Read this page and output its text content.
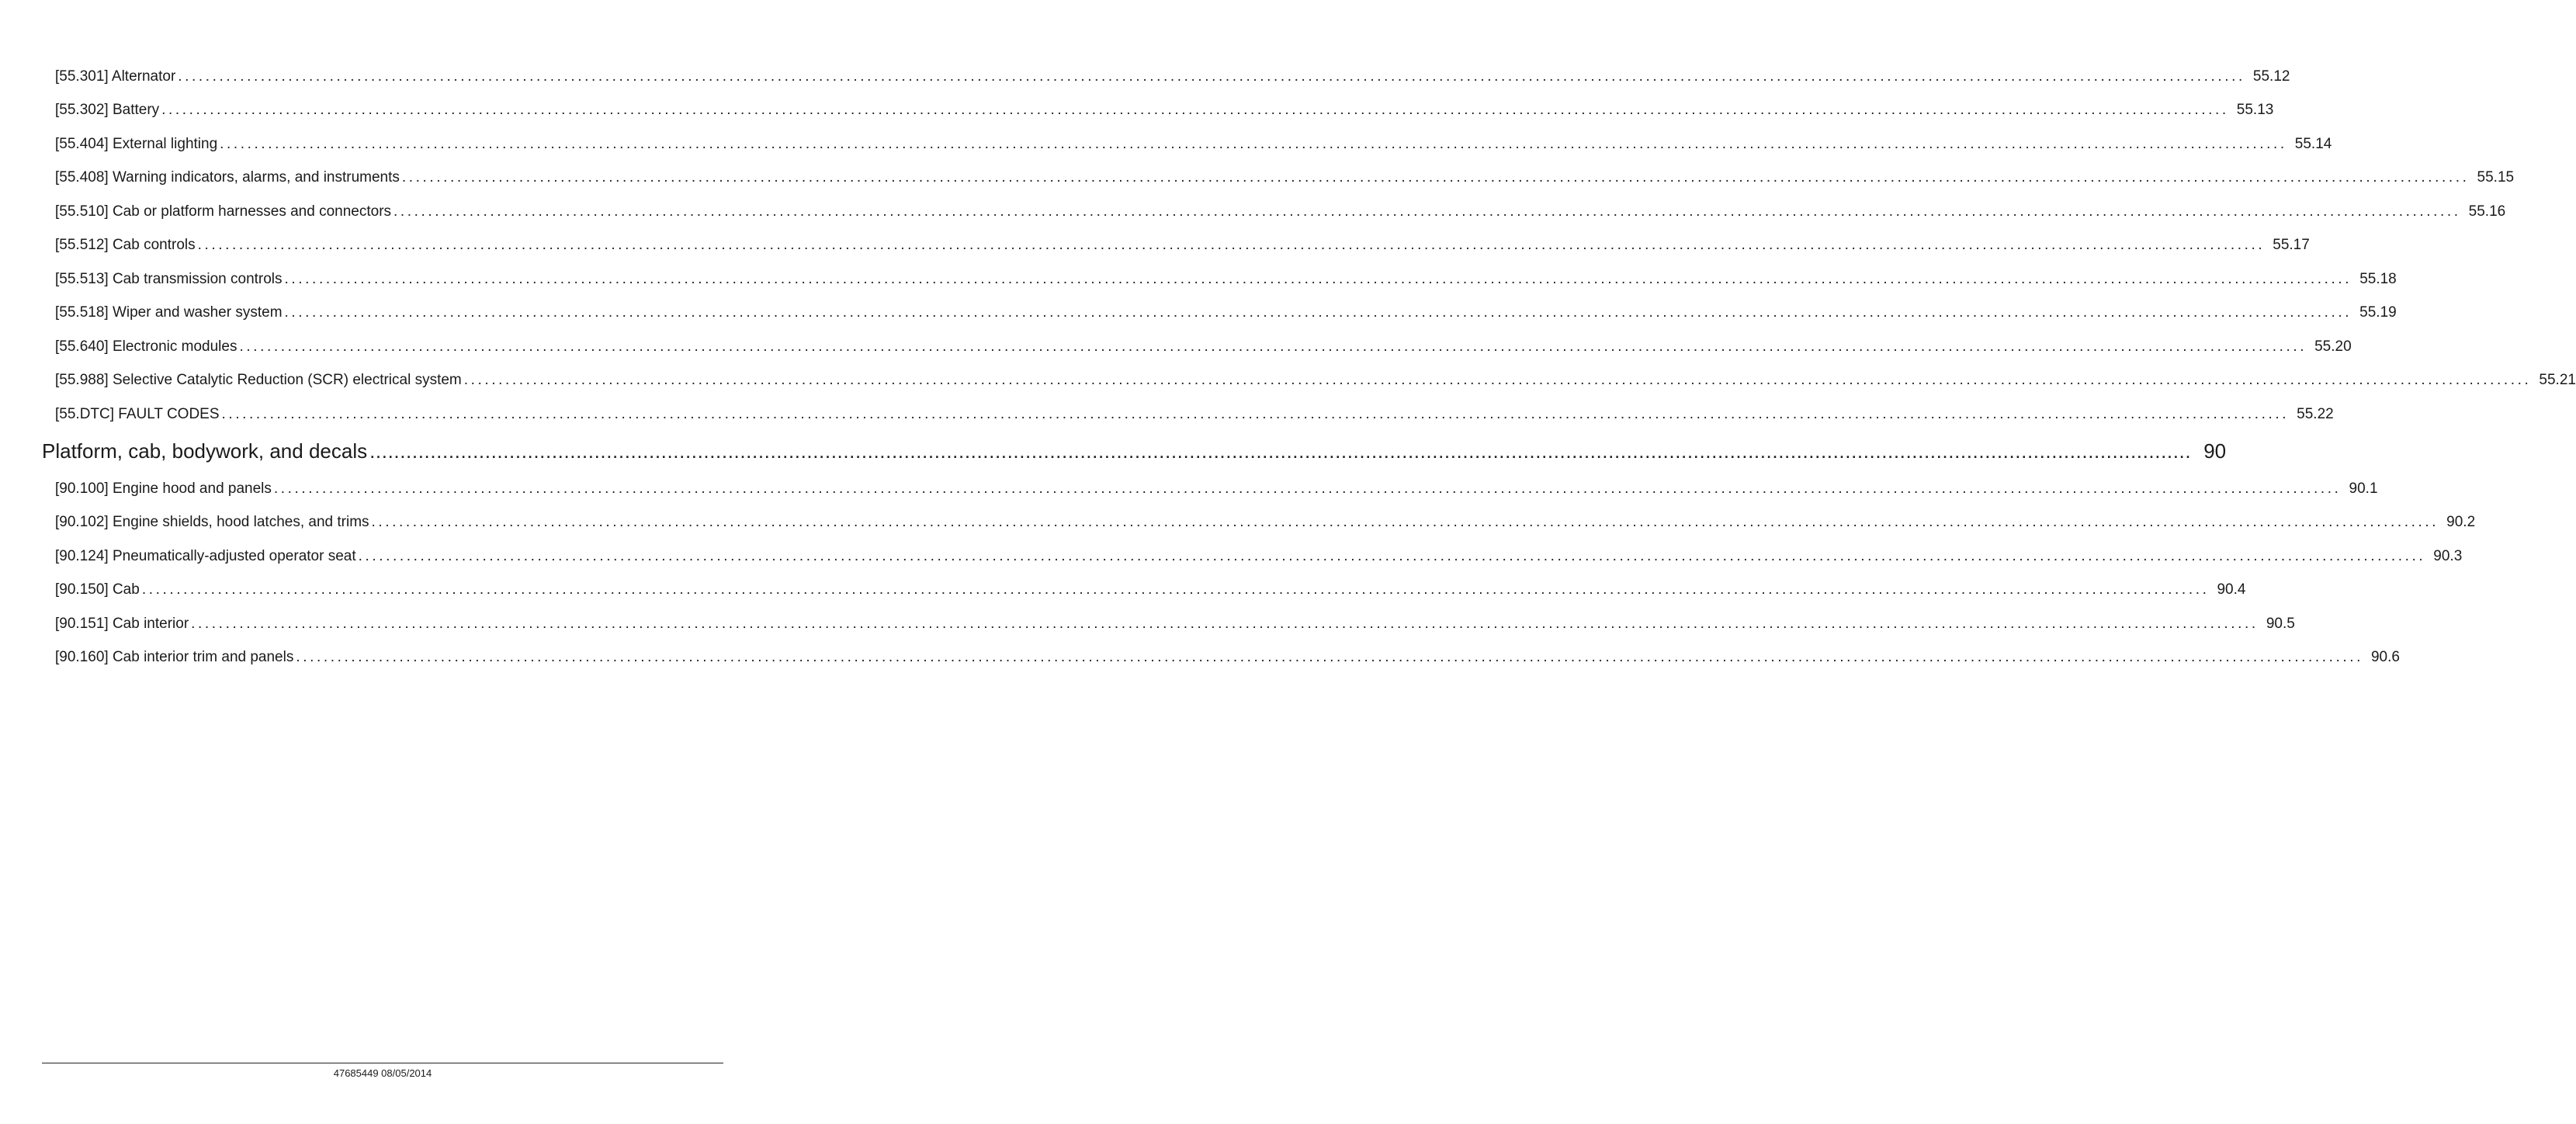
[55.301] Alternator ............................................................................................................................................................................................................................................................................................................ 55.12
[55.302] Battery ............................................................................................................................................................................................................................................................................................................ 55.13
[55.404] External lighting ............................................................................................................................................................................................................................................................................................................ 55.14
[55.408] Warning indicators, alarms, and instruments ............................................................................................................................................................................................................................................................................................................ 55.15
[55.510] Cab or platform harnesses and connectors ............................................................................................................................................................................................................................................................................................................ 55.16
[55.512] Cab controls ............................................................................................................................................................................................................................................................................................................ 55.17
[55.513] Cab transmission controls ............................................................................................................................................................................................................................................................................................................ 55.18
[55.518] Wiper and washer system ............................................................................................................................................................................................................................................................................................................ 55.19
[55.640] Electronic modules ............................................................................................................................................................................................................................................................................................................ 55.20
[55.988] Selective Catalytic Reduction (SCR) electrical system ............................................................................................................................................................................................................................................................................................................ 55.21
[55.DTC] FAULT CODES ............................................................................................................................................................................................................................................................................................................ 55.22
Platform, cab, bodywork, and decals ............................................................................................................................................................................................................................................................................................................ 90
[90.100] Engine hood and panels ............................................................................................................................................................................................................................................................................................................ 90.1
[90.102] Engine shields, hood latches, and trims ............................................................................................................................................................................................................................................................................................................ 90.2
[90.124] Pneumatically-adjusted operator seat ............................................................................................................................................................................................................................................................................................................ 90.3
[90.150] Cab ............................................................................................................................................................................................................................................................................................................ 90.4
[90.151] Cab interior ............................................................................................................................................................................................................................................................................................................ 90.5
[90.160] Cab interior trim and panels ............................................................................................................................................................................................................................................................................................................ 90.6
47685449 08/05/2014
